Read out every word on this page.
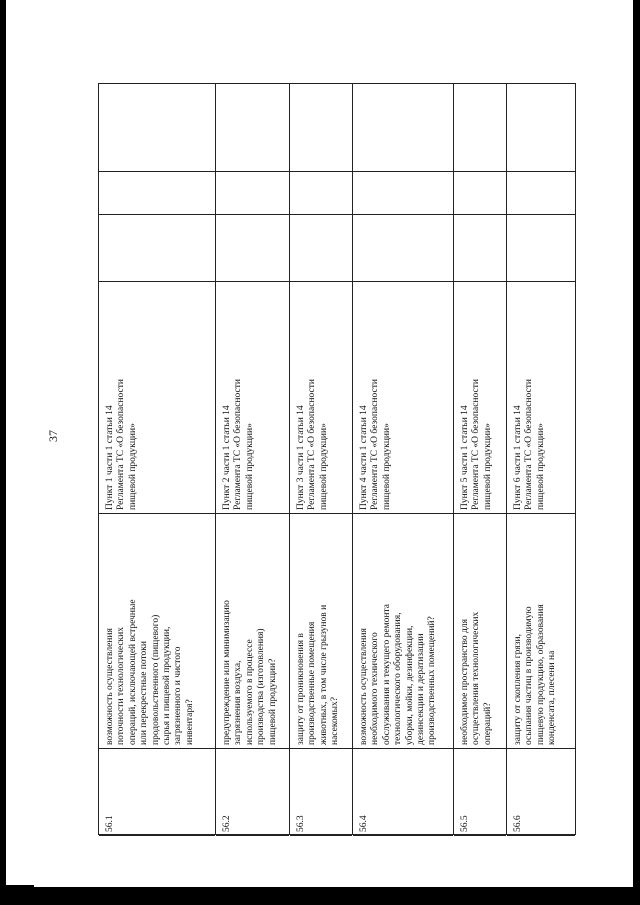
37
56.1
возможность осуществления поточности технологических операций, исключающей встречные или перекрестные потоки продовольственного (пищевого) сырья и пищевой продукции, загрязненного и чистого инвентаря?
Пункт 1 части 1 статьи 14 Регламента ТС «О безопасности пищевой продукции»
56.2
предупреждение или минимизацию загрязнения воздуха, используемого в процессе производства (изготовления) пищевой продукции?
Пункт 2 части 1 статьи 14 Регламента ТС «О безопасности пищевой продукции»
56.3
защиту от проникновения в производственные помещения животных, в том числе грызунов и насекомых?
Пункт 3 части 1 статьи 14 Регламента ТС «О безопасности пищевой продукции»
56.4
возможность осуществления необходимого технического обслуживания и текущего ремонта технологического оборудования, уборки, мойки, дезинфекции, дезинсекции и дератизации производственных помещений?
Пункт 4 части 1 статьи 14 Регламента ТС «О безопасности пищевой продукции»
56.5
необходимое пространство для осуществления технологических операций?
Пункт 5 части 1 статьи 14 Регламента ТС «О безопасности пищевой продукции»
56.6
защиту от скопления грязи, осыпания частиц в производимую пищевую продукцию, образования конденсата, плесени на
Пункт 6 части 1 статьи 14 Регламента ТС «О безопасности пищевой продукции»
